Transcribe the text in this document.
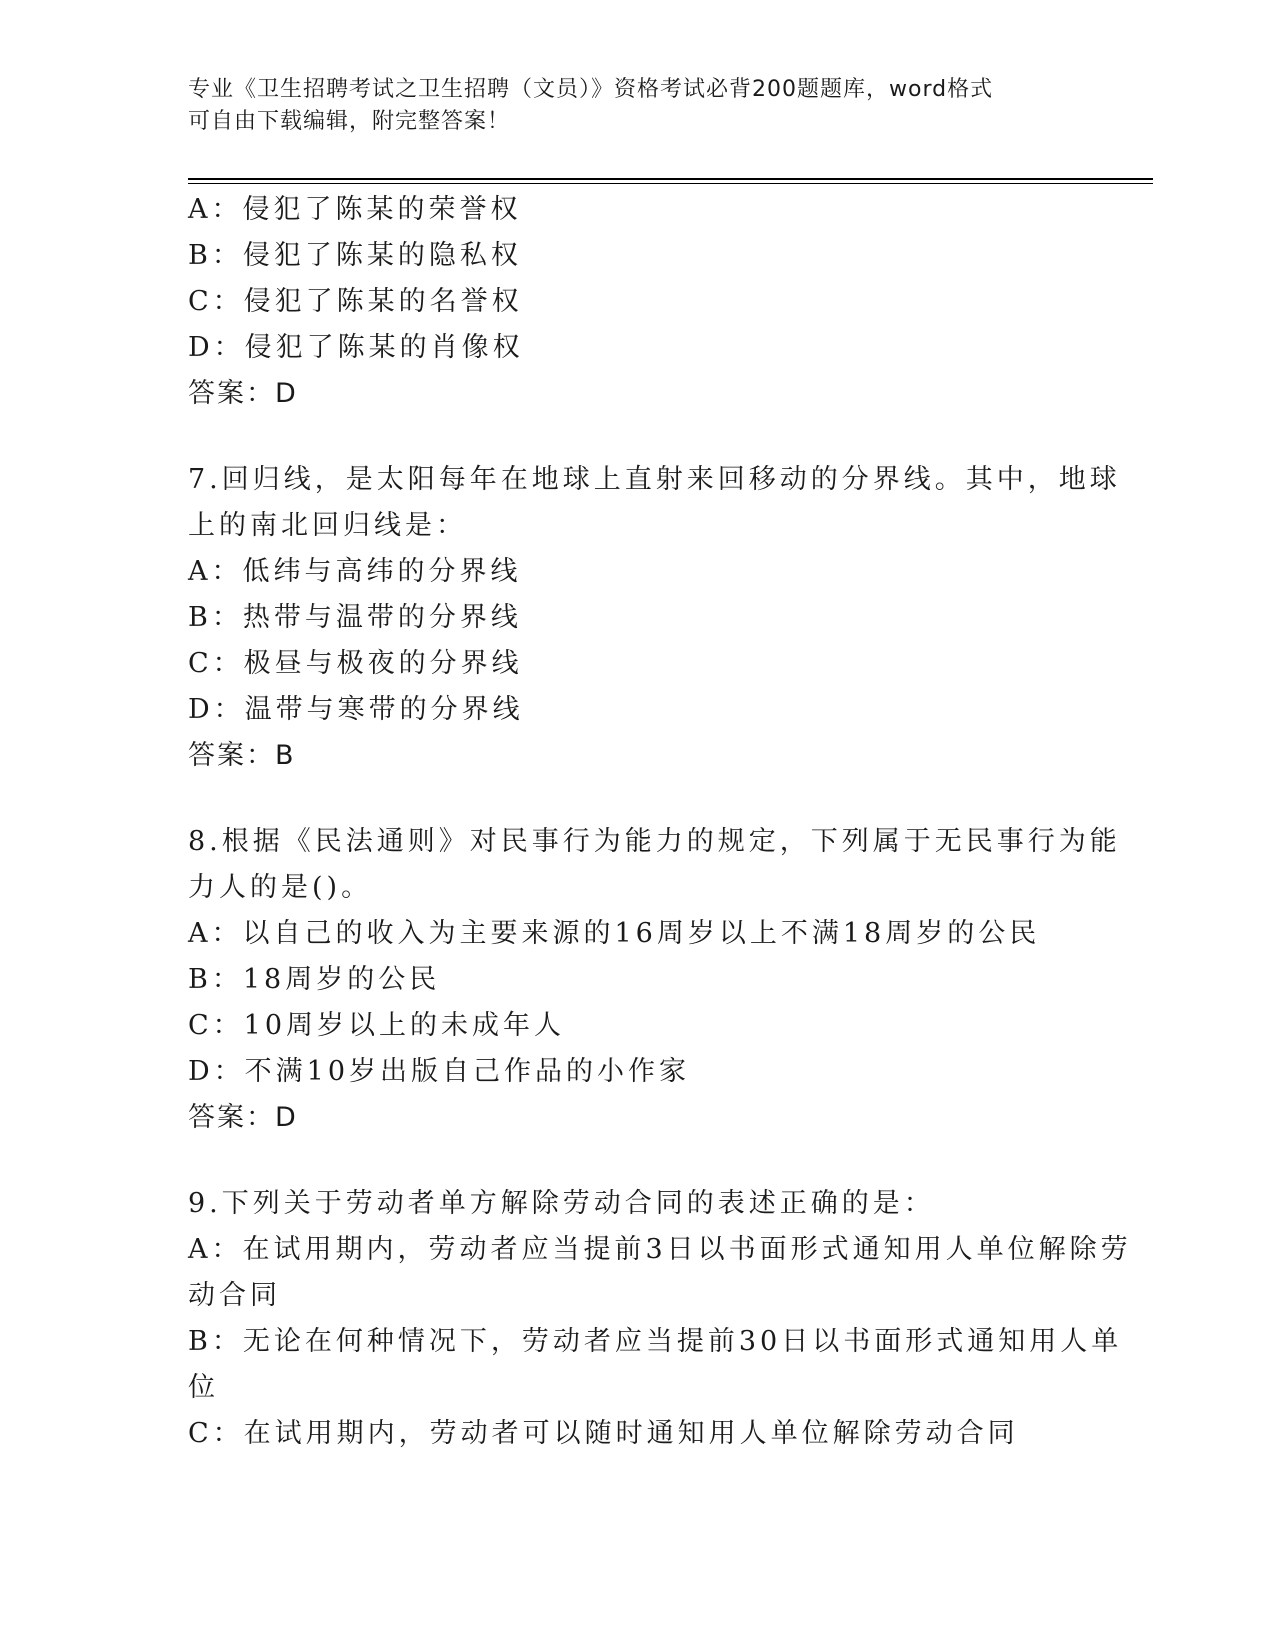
专业《卫生招聘考试之卫生招聘（文员）》资格考试必背200题题库，word格式
可自由下载编辑，附完整答案！
A：侵犯了陈某的荣誉权
B：侵犯了陈某的隐私权
C：侵犯了陈某的名誉权
D：侵犯了陈某的肖像权
答案：D
7.回归线，是太阳每年在地球上直射来回移动的分界线。其中，地球
上的南北回归线是：
A：低纬与高纬的分界线
B：热带与温带的分界线
C：极昼与极夜的分界线
D：温带与寒带的分界线
答案：B
8.根据《民法通则》对民事行为能力的规定，下列属于无民事行为能
力人的是()。
A：以自己的收入为主要来源的16周岁以上不满18周岁的公民
B：18周岁的公民
C：10周岁以上的未成年人
D：不满10岁出版自己作品的小作家
答案：D
9.下列关于劳动者单方解除劳动合同的表述正确的是：
A：在试用期内，劳动者应当提前3日以书面形式通知用人单位解除劳
动合同
B：无论在何种情况下，劳动者应当提前30日以书面形式通知用人单
位
C：在试用期内，劳动者可以随时通知用人单位解除劳动合同
